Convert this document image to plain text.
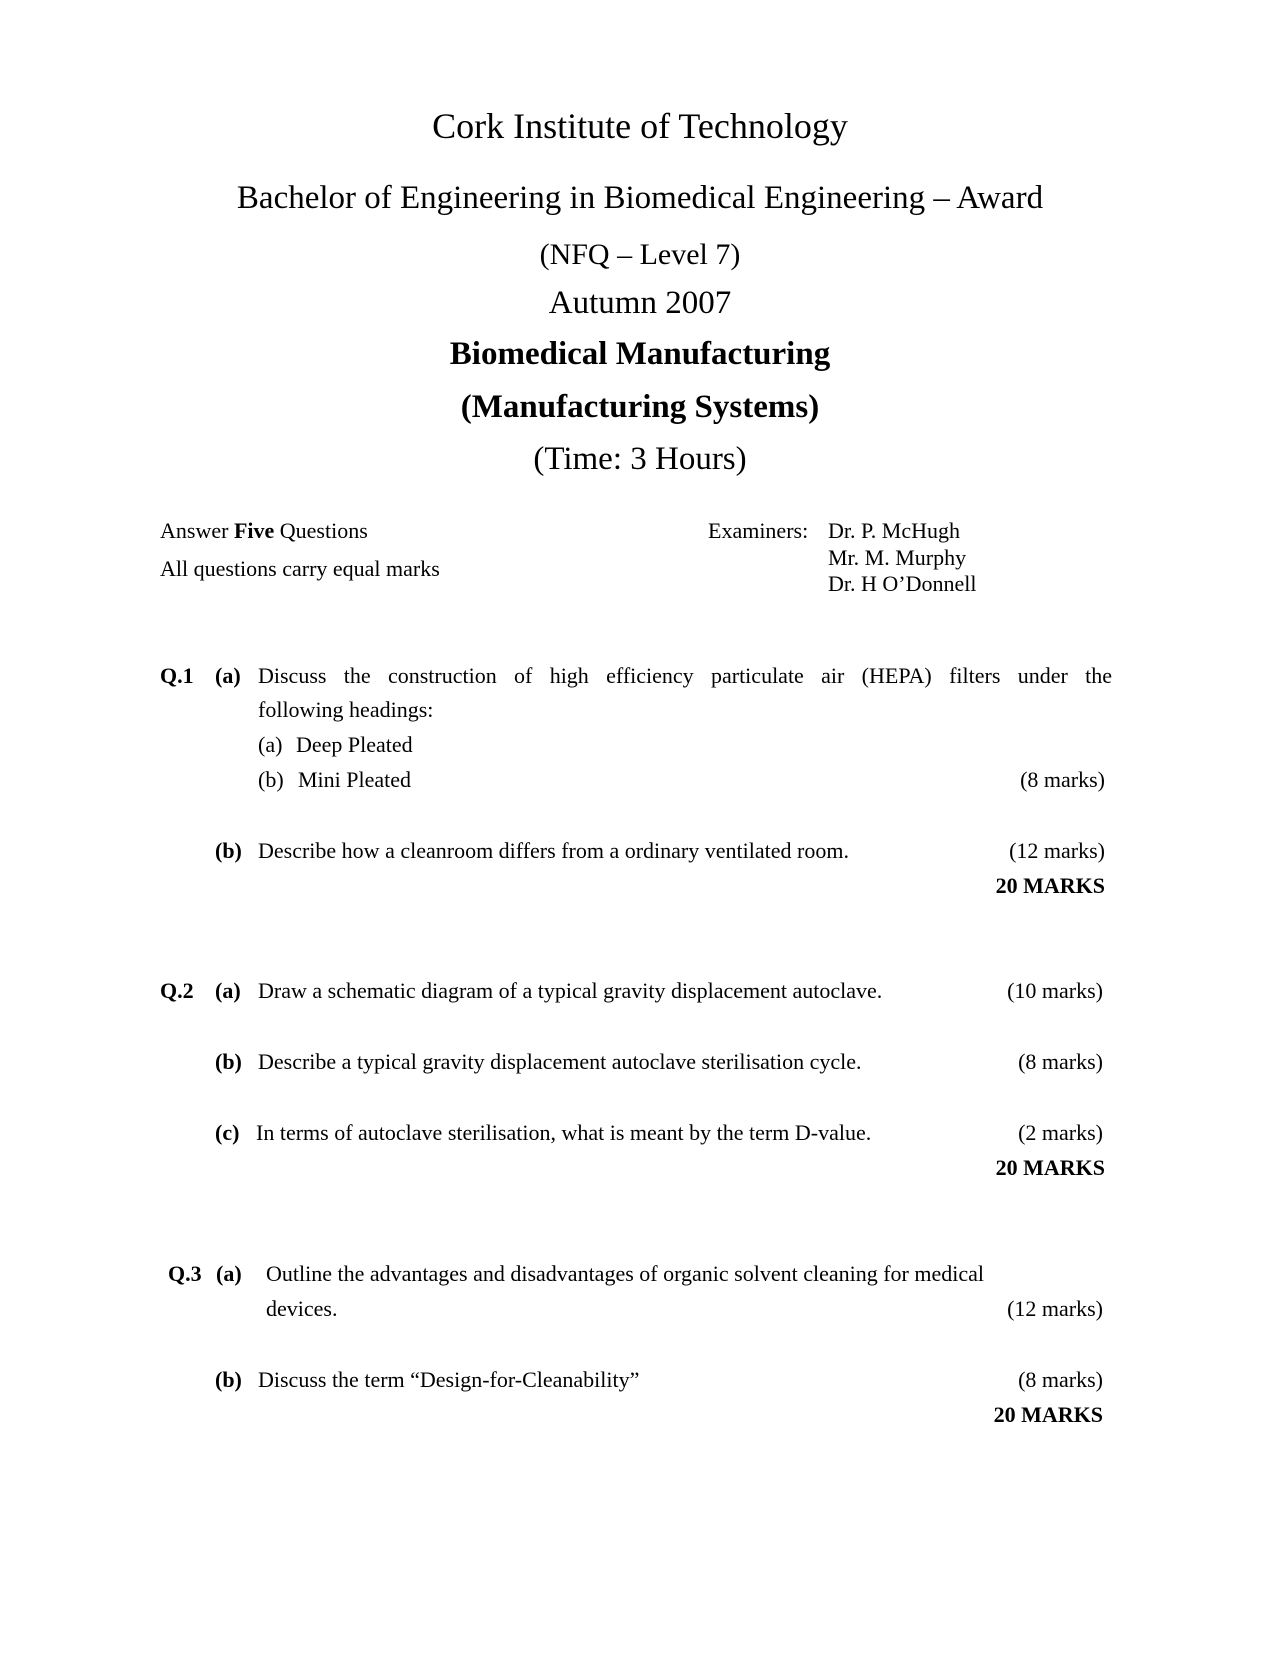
Cork Institute of Technology
Bachelor of Engineering in Biomedical Engineering – Award
(NFQ – Level 7)
Autumn 2007
Biomedical Manufacturing
(Manufacturing Systems)
(Time: 3 Hours)
Answer Five Questions
All questions carry equal marks
Examiners: Dr. P. McHugh
Mr. M. Murphy
Dr. H O’Donnell
Q.1 (a) Discuss the construction of high efficiency particulate air (HEPA) filters under the
following headings:
(a) Deep Pleated
(b) Mini Pleated	(8 marks)
(b) Describe how a cleanroom differs from a ordinary ventilated room.	(12 marks)
20 MARKS
Q.2 (a) Draw a schematic diagram of a typical gravity displacement autoclave.	(10 marks)
(b) Describe a typical gravity displacement autoclave sterilisation cycle.	(8 marks)
(c) In terms of autoclave sterilisation, what is meant by the term D-value.	(2 marks)
20 MARKS
Q.3 (a) Outline the advantages and disadvantages of organic solvent cleaning for medical
devices.	(12 marks)
(b) Discuss the term “Design-for-Cleanability”	(8 marks)
20 MARKS
